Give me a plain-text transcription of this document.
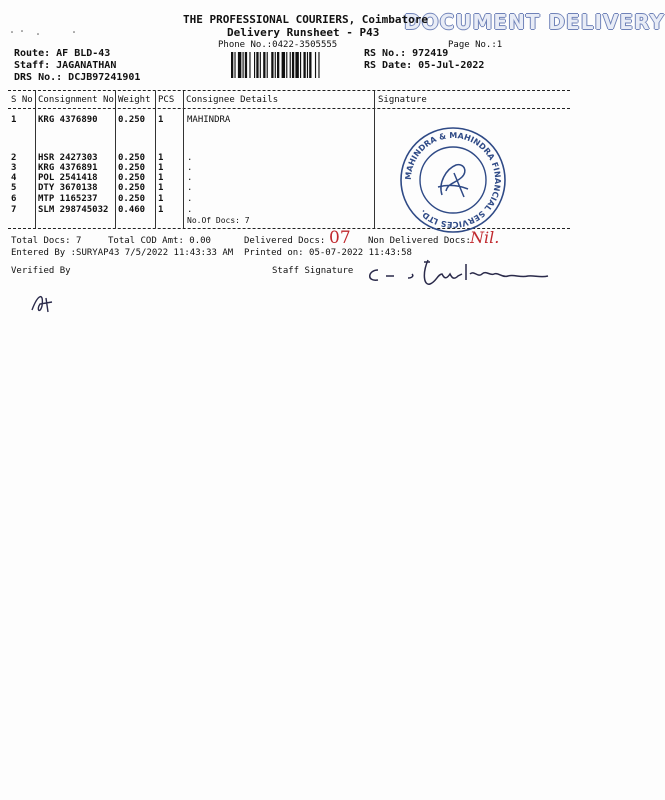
DOCUMENT DELIVERY
THE PROFESSIONAL COURIERS, Coimbatore
Delivery Runsheet - P43
Phone No.:0422-3505555	Page No.:1
Route: AF BLD-43
Staff: JAGANATHAN
DRS No.: DCJB97241901
RS No.: 972419
RS Date: 05-Jul-2022
S No Consignment No Weight PCS Consignee Details	Signature
1 KRG 4376890 0.250 1	MAHINDRA
2 HSR 2427303 0.250 1	.
3 KRG 4376891 0.250 1	.
4 POL 2541418 0.250 1	.
5 DTY 3670138 0.250 1	.
6 MTP 1165237 0.250 1	.
7 SLM 298745032 0.460 1	.
No.Of Docs: 7
MAHINDRA & MAHINDRA FINANCIAL SERVICES LTD.
Total Docs: 7	Total COD Amt: 0.00	Delivered Docs: 07 Non Delivered Docs: Nil.
Entered By :SURYAP43 7/5/2022 11:43:33 AM Printed on: 05-07-2022 11:43:58
Verified By	Staff Signature
